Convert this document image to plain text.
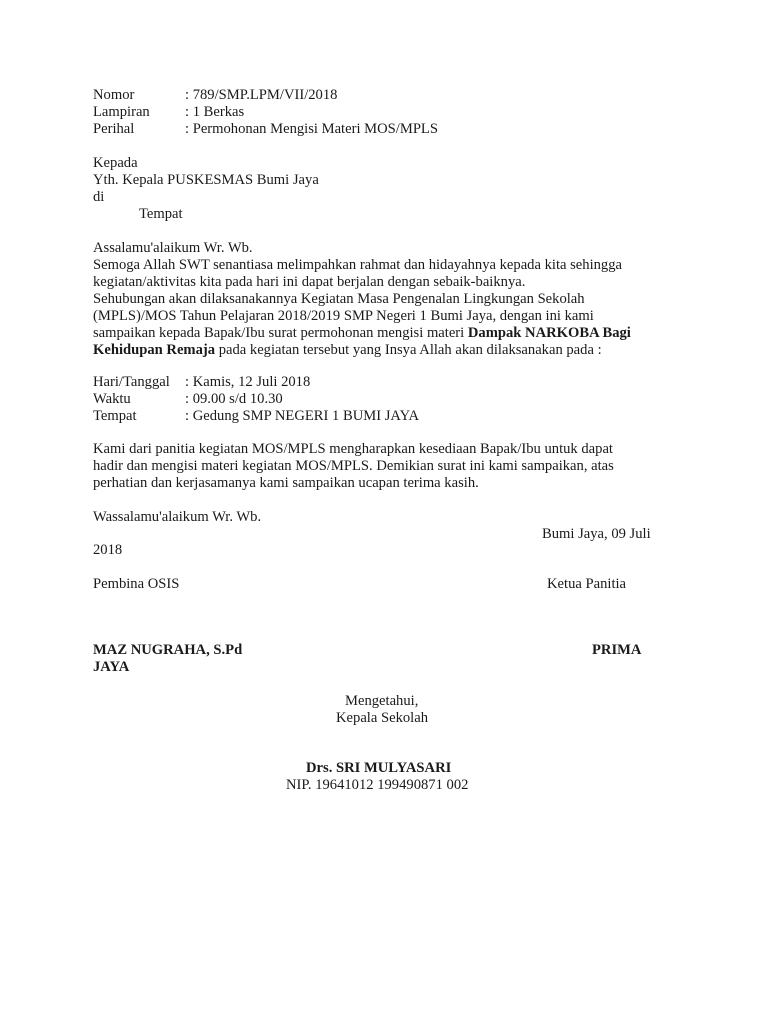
Nomor	: 789/SMP.LPM/VII/2018
Lampiran : 1 Berkas
Perihal	: Permohonan Mengisi Materi MOS/MPLS
Kepada
Yth. Kepala PUSKESMAS Bumi Jaya
di
Tempat
Assalamu'alaikum Wr. Wb.
Semoga Allah SWT senantiasa melimpahkan rahmat dan hidayahnya kepada kita sehingga
kegiatan/aktivitas kita pada hari ini dapat berjalan dengan sebaik-baiknya.
Sehubungan akan dilaksanakannya Kegiatan Masa Pengenalan Lingkungan Sekolah
(MPLS)/MOS Tahun Pelajaran 2018/2019 SMP Negeri 1 Bumi Jaya, dengan ini kami
sampaikan kepada Bapak/Ibu surat permohonan mengisi materi Dampak NARKOBA Bagi
Kehidupan Remaja pada kegiatan tersebut yang Insya Allah akan dilaksanakan pada :
Hari/Tanggal : Kamis, 12 Juli 2018
Waktu	: 09.00 s/d 10.30
Tempat	: Gedung SMP NEGERI 1 BUMI JAYA
Kami dari panitia kegiatan MOS/MPLS mengharapkan kesediaan Bapak/Ibu untuk dapat
hadir dan mengisi materi kegiatan MOS/MPLS. Demikian surat ini kami sampaikan, atas
perhatian dan kerjasamanya kami sampaikan ucapan terima kasih.
Wassalamu'alaikum Wr. Wb.
Bumi Jaya, 09 Juli
2018
Pembina OSIS	Ketua Panitia
MAZ NUGRAHA, S.Pd	PRIMA
JAYA
Mengetahui,
Kepala Sekolah
Drs. SRI MULYASARI
NIP. 19641012 199490871 002
